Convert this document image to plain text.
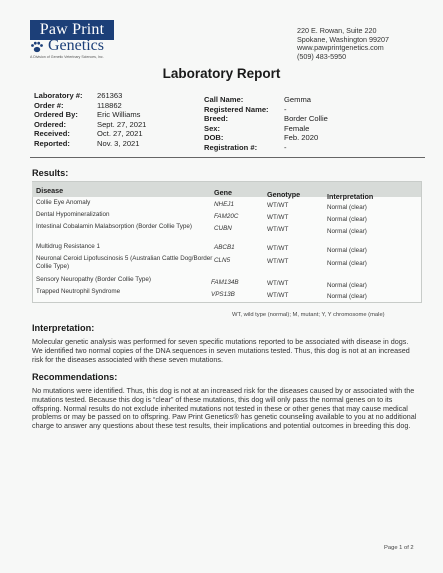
Paw Print
Genetics
A Division of Genetic Veterinary Sciences, Inc.
220 E. Rowan, Suite 220
Spokane, Washington 99207
www.pawprintgenetics.com
(509) 483-5950
Laboratory Report
Laboratory #: 261363
Order #:	118862
Ordered By:	Eric Williams
Ordered:	Sept. 27, 2021
Received:	Oct. 27, 2021
Reported:	Nov. 3, 2021
Call Name:	Gemma
Registered Name: -
Breed:	Border Collie
Sex:	Female
DOB:	Feb. 2020
Registration #:	-
Results:
Disease	Gene	Genotype	Interpretation
Collie Eye Anomaly	NHEJ1	WT/WT	Normal (clear)
Dental Hypomineralization	FAM20C	WT/WT	Normal (clear)
Intestinal Cobalamin Malabsorption (Border Collie Type)	CUBN	WT/WT	Normal (clear)
Multidrug Resistance 1	ABCB1	WT/WT	Normal (clear)
Neuronal Ceroid Lipofuscinosis 5 (Australian Cattle Dog/Border Collie Type)
CLN5	WT/WT	Normal (clear)
Sensory Neuropathy (Border Collie Type)	FAM134B	WT/WT	Normal (clear)
Trapped Neutrophil Syndrome	VPS13B	WT/WT	Normal (clear)
WT, wild type (normal); M, mutant; Y, Y chromosome (male)
Interpretation:
Molecular genetic analysis was performed for seven specific mutations reported to be associated with disease in dogs. We identified two normal copies of the DNA sequences in seven mutations tested. Thus, this dog is not at an increased risk for the diseases associated with these seven mutations.
Recommendations:
No mutations were identified. Thus, this dog is not at an increased risk for the diseases caused by or associated with the mutations tested. Because this dog is “clear” of these mutations, this dog will only pass the normal genes on to its offspring. Normal results do not exclude inherited mutations not tested in these or other genes that may cause medical problems or may be passed on to offspring. Paw Print Genetics® has genetic counseling available to you at no additional charge to answer any questions about these test results, their implications and potential outcomes in breeding this dog.
Page 1 of 2
